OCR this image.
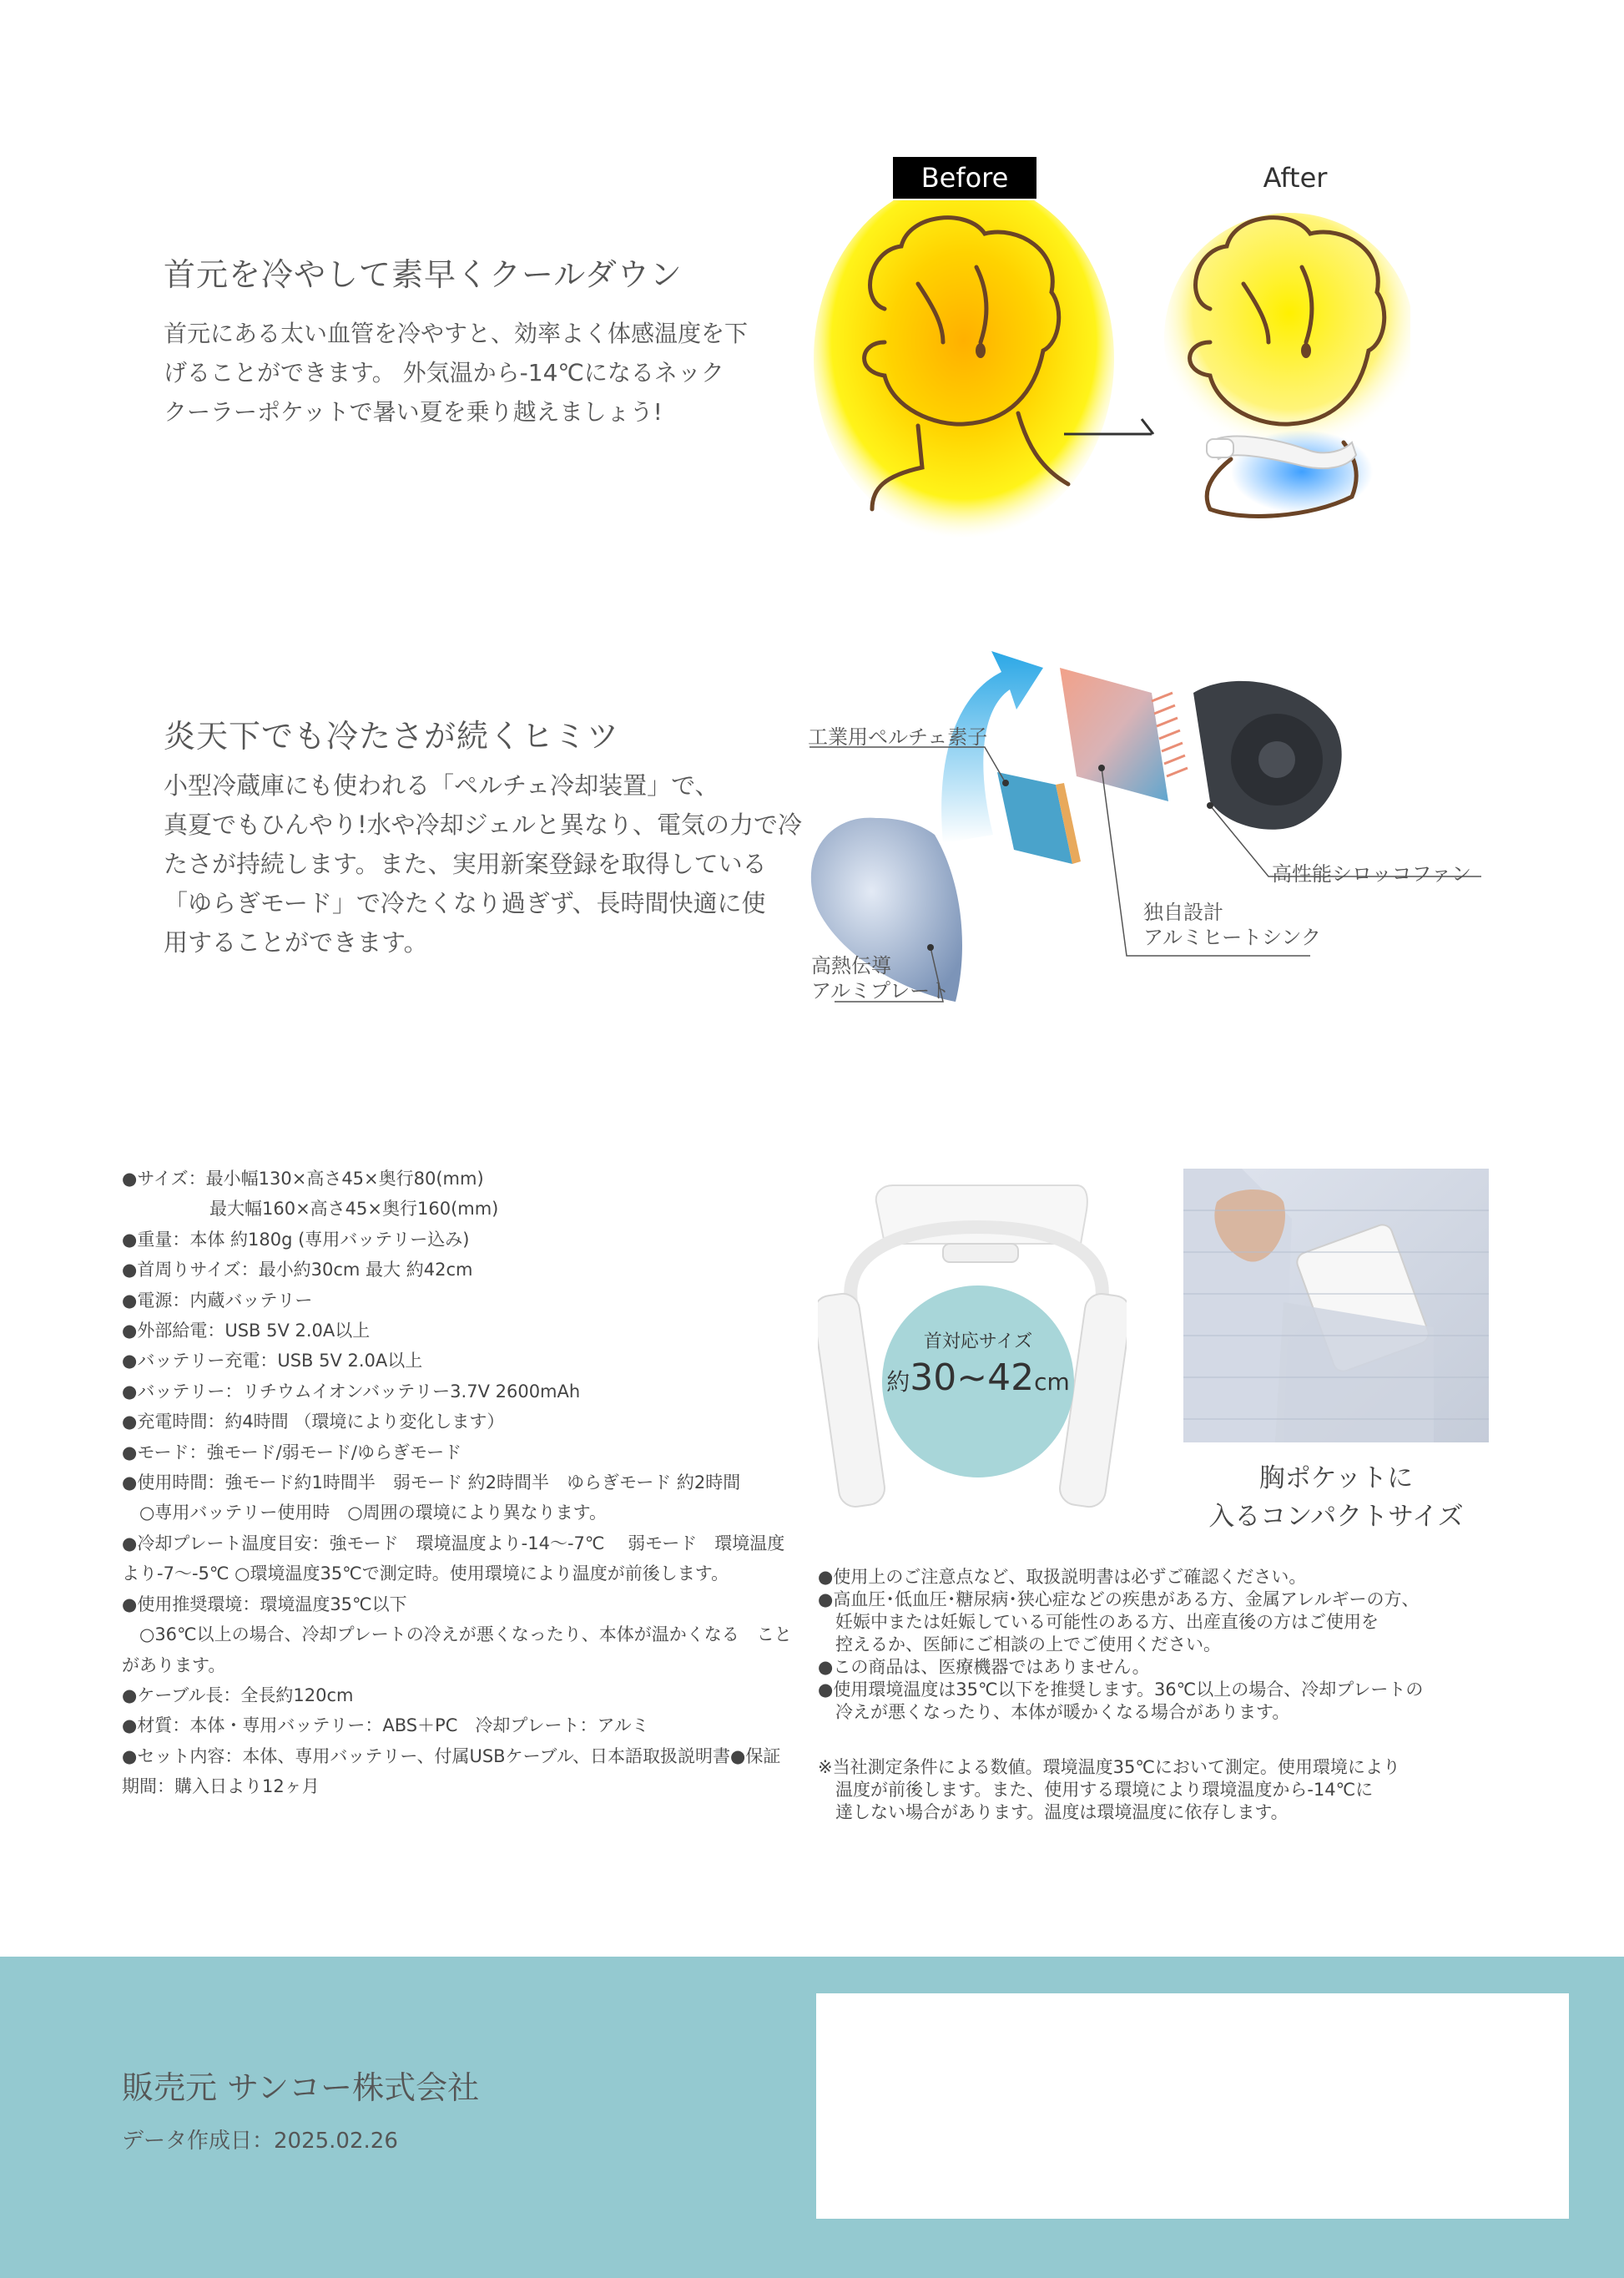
首元を冷やして素早くクールダウン
首元にある太い血管を冷やすと、効率よく体感温度を下
げることができます。 外気温から-14℃になるネック
クーラーポケットで暑い夏を乗り越えましょう!
Before	After
炎天下でも冷たさが続くヒミツ
小型冷蔵庫にも使われる「ペルチェ冷却装置」で、
真夏でもひんやり!水や冷却ジェルと異なり、電気の力で冷
たさが持続します。また、実用新案登録を取得している
「ゆらぎモード」で冷たくなり過ぎず、長時間快適に使
用することができます。
工業用ペルチェ素子
高性能シロッコファン
独自設計
アルミヒートシンク
高熱伝導
アルミプレート
●サイズ：最小幅130×高さ45×奥行80(mm)
　　　　　最大幅160×高さ45×奥行160(mm)
●重量：本体 約180g (専用バッテリー込み)
●首周りサイズ：最小約30cm 最大 約42cm
●電源：内蔵バッテリー
●外部給電：USB 5V 2.0A以上
●バッテリー充電：USB 5V 2.0A以上
●バッテリー：リチウムイオンバッテリー3.7V 2600mAh
●充電時間：約4時間 （環境により変化します）
●モード：強モード/弱モード/ゆらぎモード
●使用時間：強モード約1時間半　弱モード 約2時間半　ゆらぎモード 約2時間
　○専用バッテリー使用時　○周囲の環境により異なります。
●冷却プレート温度目安：強モード　環境温度より-14～-7℃　 弱モード　環境温度
より-7～-5℃ ○環境温度35℃で測定時。使用環境により温度が前後します。
●使用推奨環境：環境温度35℃以下
　○36℃以上の場合、冷却プレートの冷えが悪くなったり、本体が温かくなる　こと
があります。
●ケーブル長：全長約120cm
●材質：本体・専用バッテリー：ABS＋PC　冷却プレート：アルミ
●セット内容：本体、専用バッテリー、付属USBケーブル、日本語取扱説明書●保証
期間：購入日より12ヶ月
首対応サイズ
約30~42cm
胸ポケットに
入るコンパクトサイズ
●使用上のご注意点など、取扱説明書は必ずご確認ください。
●高血圧･低血圧･糖尿病･狭心症などの疾患がある方、金属アレルギーの方、
　妊娠中または妊娠している可能性のある方、出産直後の方はご使用を
　控えるか、医師にご相談の上でご使用ください。
●この商品は、医療機器ではありません。
●使用環境温度は35℃以下を推奨します。36℃以上の場合、冷却プレートの
　冷えが悪くなったり、本体が暖かくなる場合があります。
※当社測定条件による数値。環境温度35℃において測定。使用環境により
　温度が前後します。また、使用する環境により環境温度から-14℃に
　達しない場合があります。温度は環境温度に依存します。
販売元 サンコー株式会社
データ作成日：2025.02.26
